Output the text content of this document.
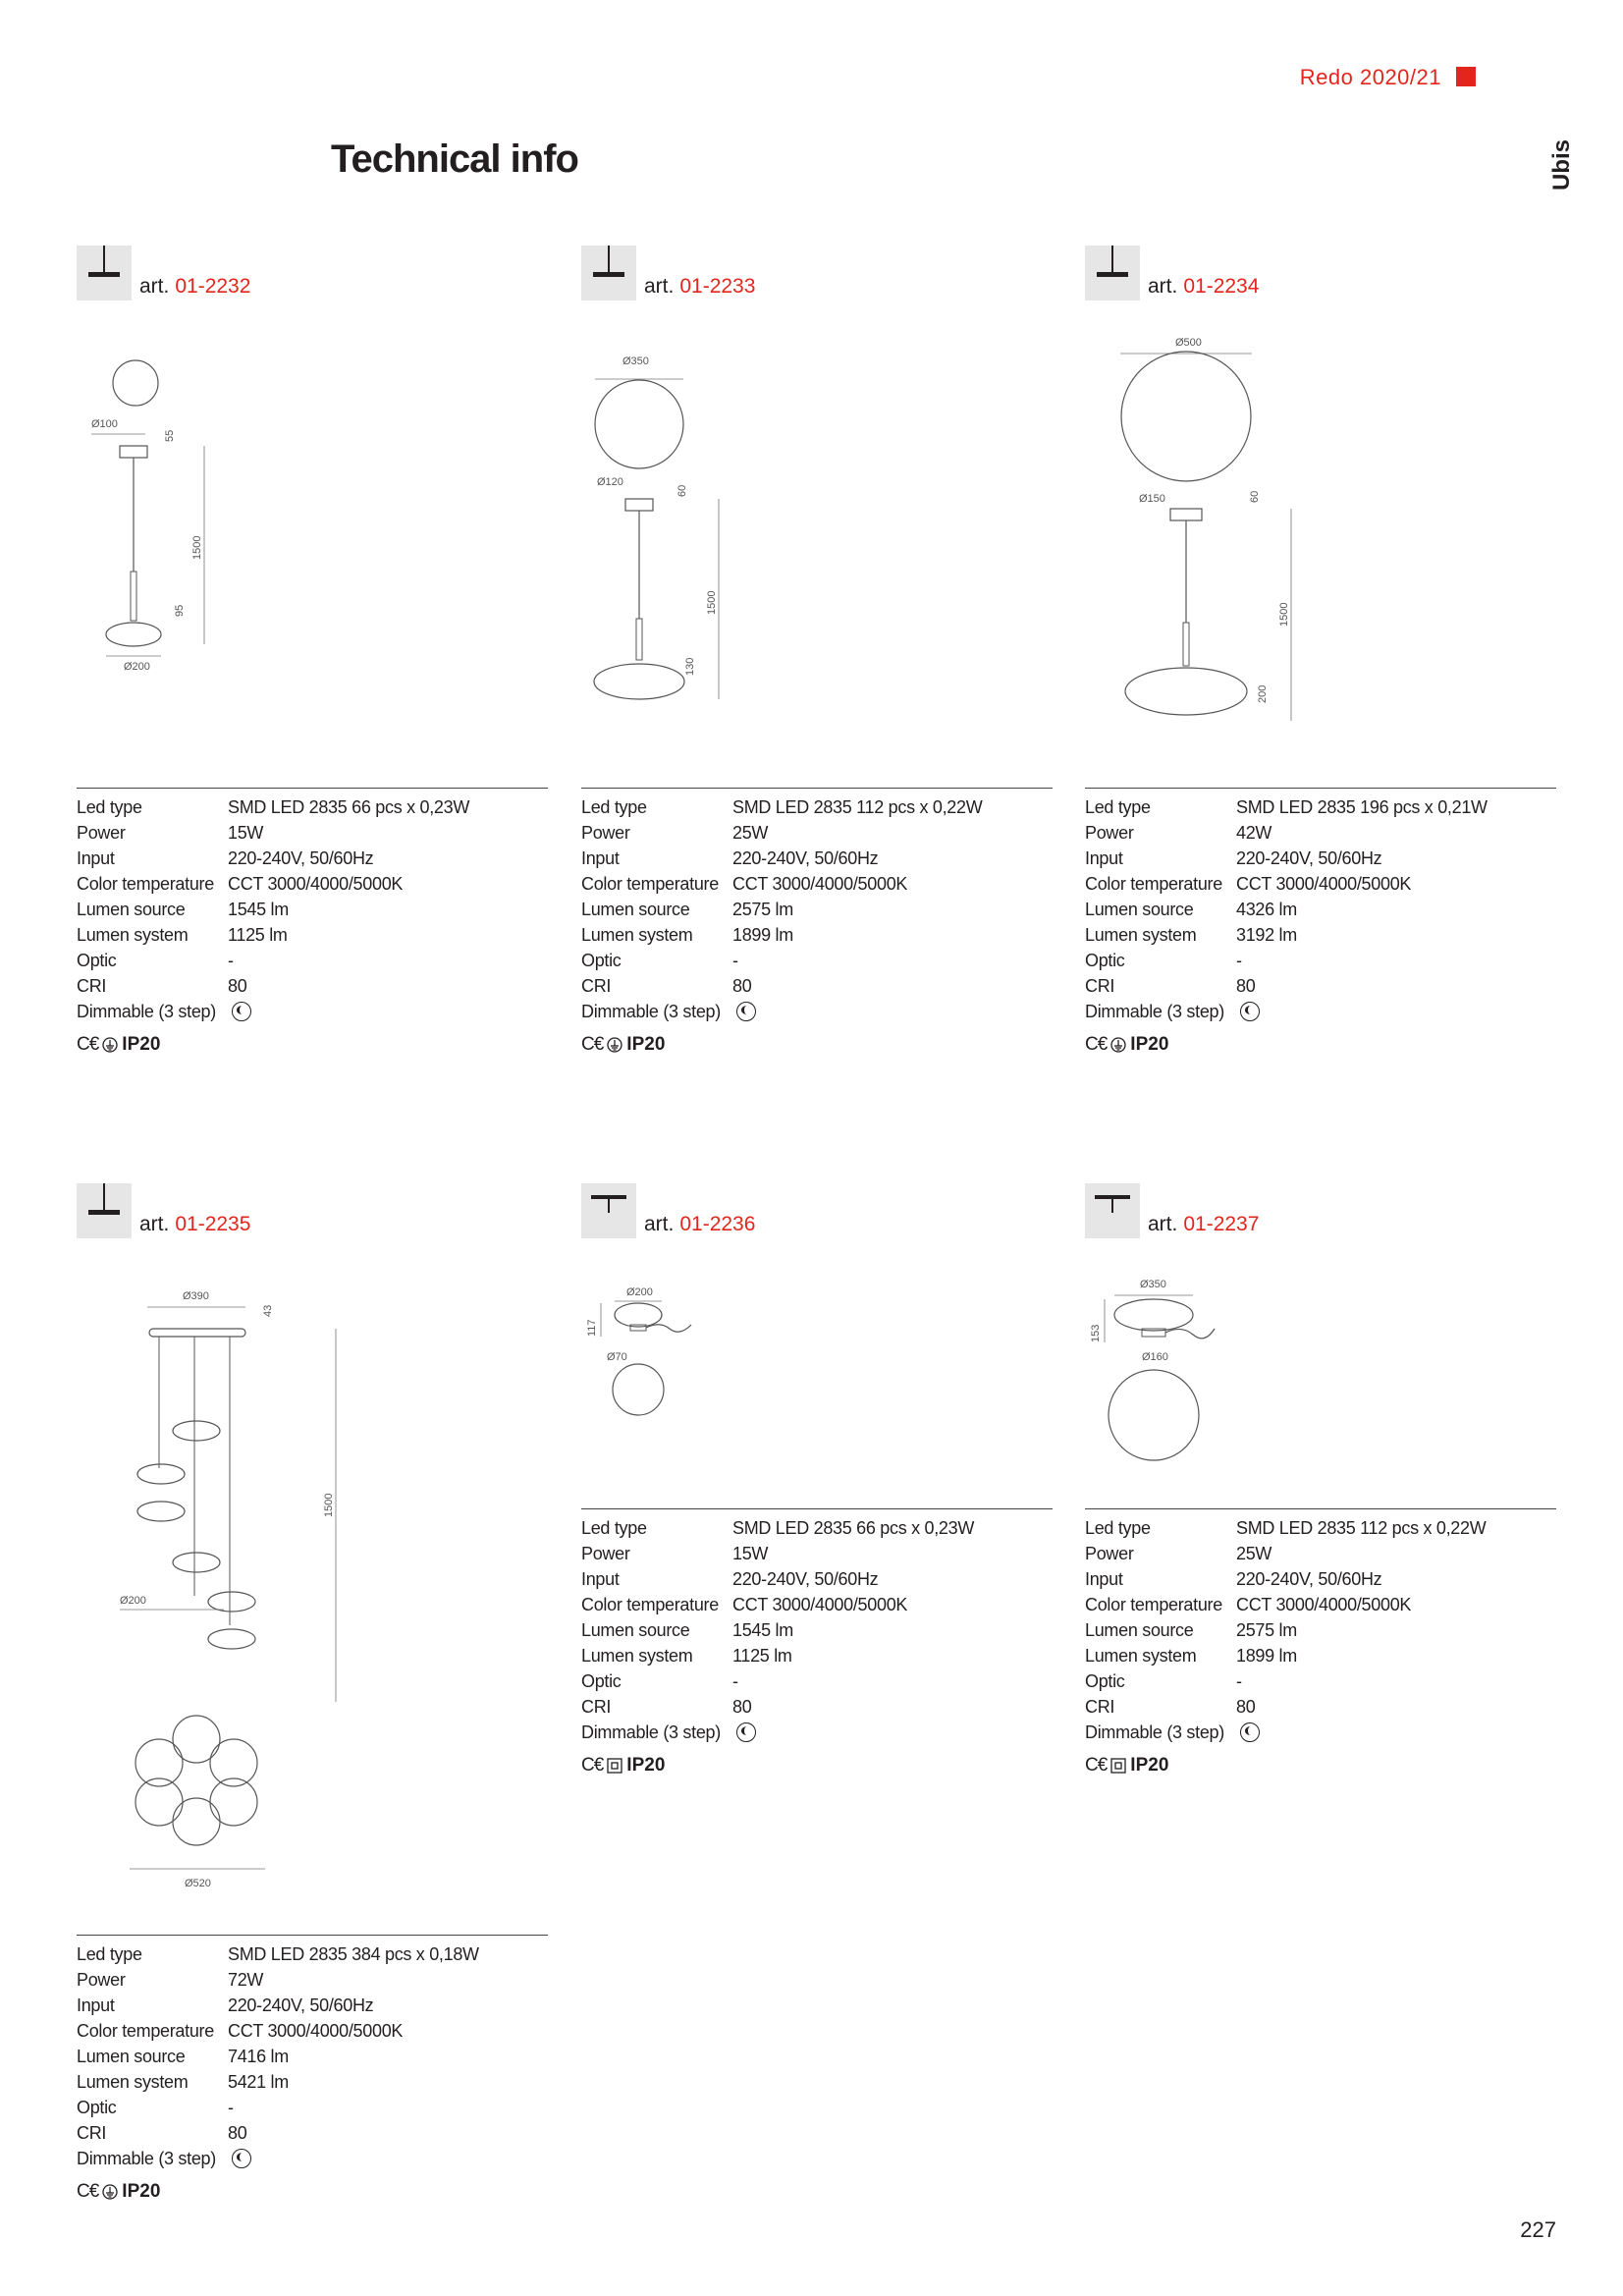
Redo 2020/21
Ubis
Technical info
art. 01-2232
Ø100
55
1500
95
Ø200
Led type	SMD LED 2835 66 pcs x 0,23W
Power	15W
Input	220-240V, 50/60Hz
Color temperature CCT 3000/4000/5000K
Lumen source	1545 lm
Lumen system	1125 lm
Optic	-
CRI	80
Dimmable (3 step)
C€ IP20
art. 01-2233
Ø350
Ø120
60
1500
130
Led type	SMD LED 2835 112 pcs x 0,22W
Power	25W
Input	220-240V, 50/60Hz
Color temperature CCT 3000/4000/5000K
Lumen source	2575 lm
Lumen system	1899 lm
Optic	-
CRI	80
Dimmable (3 step)
C€ IP20
art. 01-2234
Ø500
Ø150	60
1500
200
Led type	SMD LED 2835 196 pcs x 0,21W
Power	42W
Input	220-240V, 50/60Hz
Color temperature CCT 3000/4000/5000K
Lumen source	4326 lm
Lumen system	3192 lm
Optic	-
CRI	80
Dimmable (3 step)
C€ IP20
art. 01-2235
Ø390
43
1500
Ø200
Ø520
Led type	SMD LED 2835 384 pcs x 0,18W
Power	72W
Input	220-240V, 50/60Hz
Color temperature CCT 3000/4000/5000K
Lumen source	7416 lm
Lumen system	5421 lm
Optic	-
CRI	80
Dimmable (3 step)
C€ IP20
art. 01-2236
Ø200
117
Ø70
Led type	SMD LED 2835 66 pcs x 0,23W
Power	15W
Input	220-240V, 50/60Hz
Color temperature CCT 3000/4000/5000K
Lumen source	1545 lm
Lumen system	1125 lm
Optic	-
CRI	80
Dimmable (3 step)
C€ IP20
art. 01-2237
Ø350
153
Ø160
Led type	SMD LED 2835 112 pcs x 0,22W
Power	25W
Input	220-240V, 50/60Hz
Color temperature CCT 3000/4000/5000K
Lumen source	2575 lm
Lumen system	1899 lm
Optic	-
CRI	80
Dimmable (3 step)
C€ IP20
227
